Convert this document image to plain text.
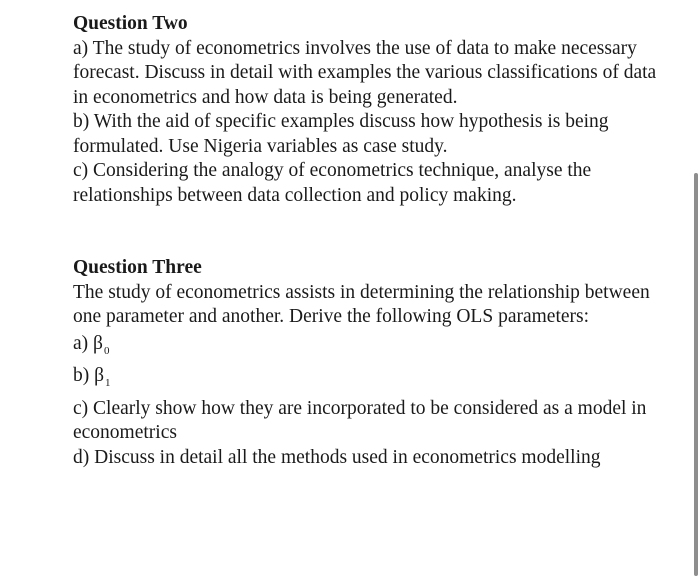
Question Two

a) The study of econometrics involves the use of data to make necessary forecast. Discuss in detail with examples the various classifications of data in econometrics and how data is being generated.

b) With the aid of specific examples discuss how hypothesis is being formulated. Use Nigeria variables as case study.

c) Considering the analogy of econometrics technique, analyse the relationships between data collection and policy making.

Question Three

The study of econometrics assists in determining the relationship between one parameter and another. Derive the following OLS parameters:

a) $\beta_0$
b) $\beta_1$

c) Clearly show how they are incorporated to be considered as a model in econometrics

d) Discuss in detail all the methods used in econometrics modelling
